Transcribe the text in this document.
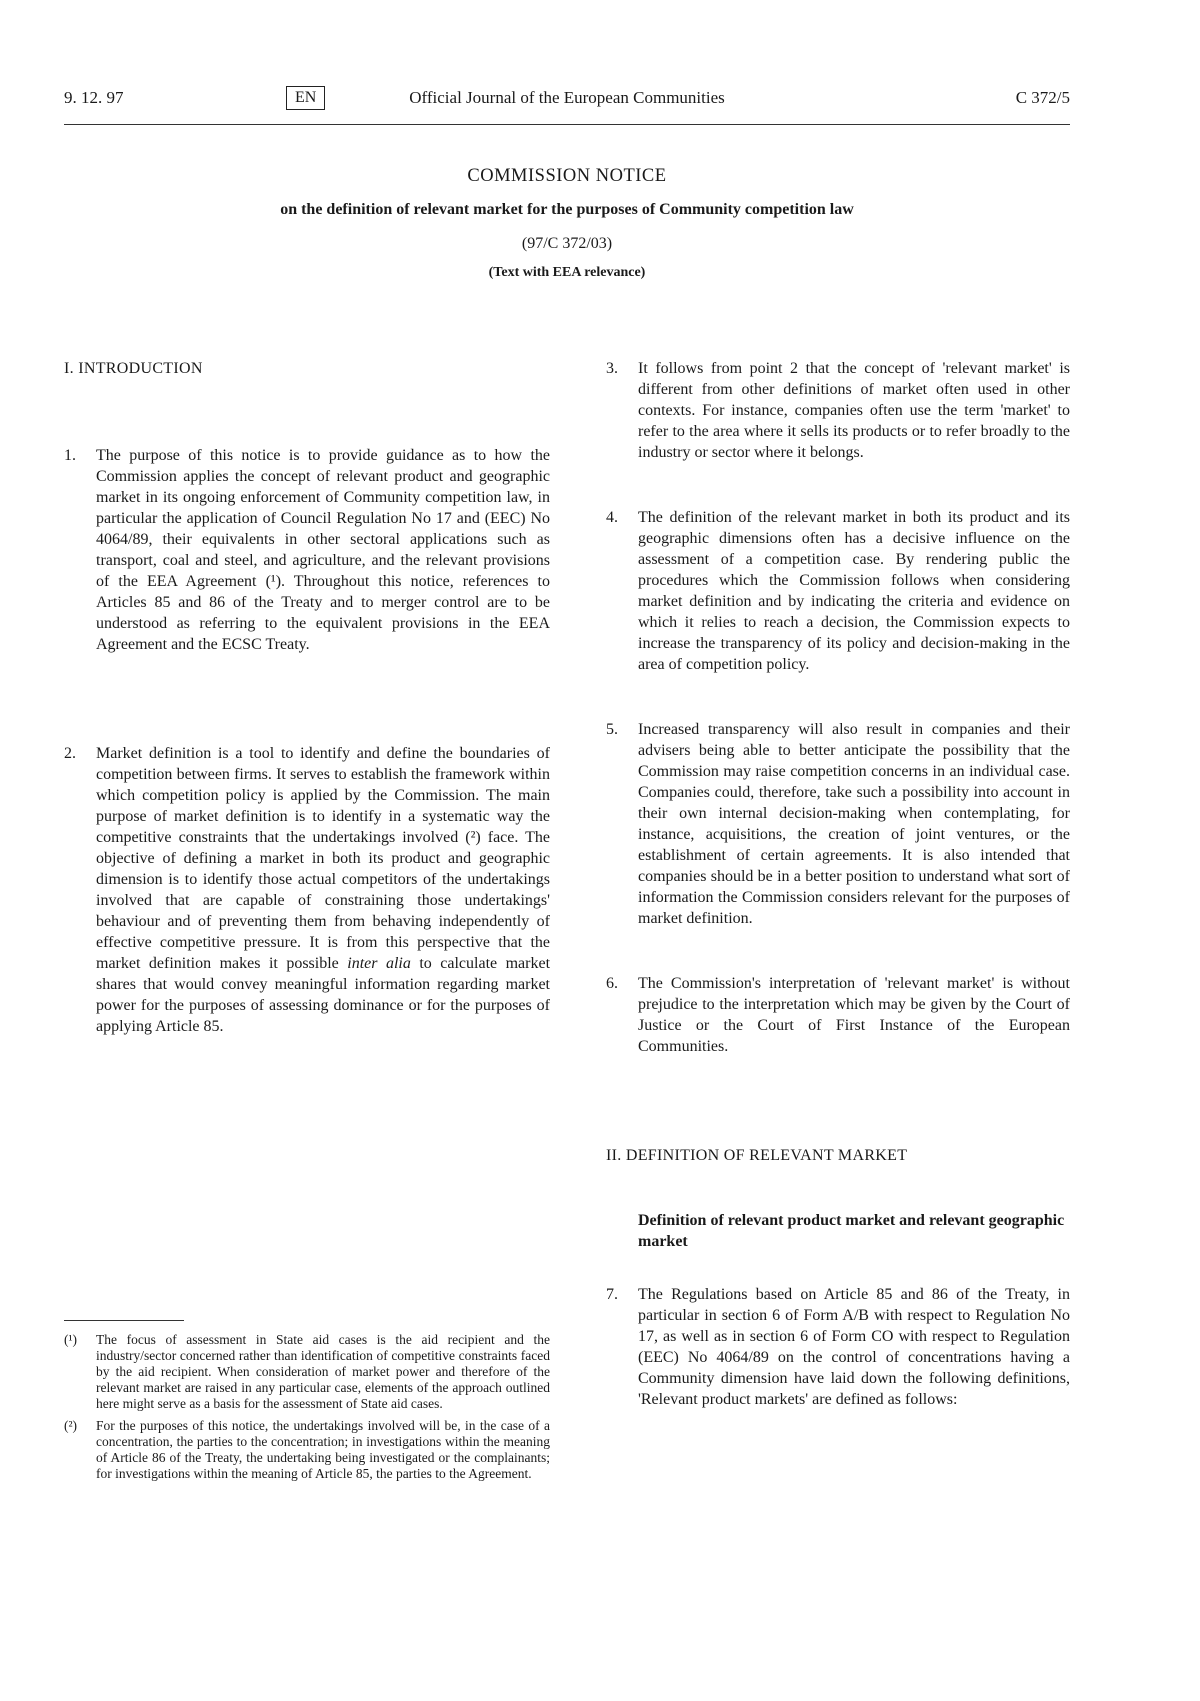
9. 12. 97	EN	Official Journal of the European Communities	C 372/5

COMMISSION NOTICE

on the definition of relevant market for the purposes of Community competition law

(97/C 372/03)

(Text with EEA relevance)

I. INTRODUCTION

1. The purpose of this notice is to provide guidance as to how the Commission applies the concept of relevant product and geographic market in its ongoing enforcement of Community competition law, in particular the application of Council Regulation No 17 and (EEC) No 4064/89, their equivalents in other sectoral applications such as transport, coal and steel, and agriculture, and the relevant provisions of the EEA Agreement (¹). Throughout this notice, references to Articles 85 and 86 of the Treaty and to merger control are to be understood as referring to the equivalent provisions in the EEA Agreement and the ECSC Treaty.

2. Market definition is a tool to identify and define the boundaries of competition between firms. It serves to establish the framework within which competition policy is applied by the Commission. The main purpose of market definition is to identify in a systematic way the competitive constraints that the undertakings involved (²) face. The objective of defining a market in both its product and geographic dimension is to identify those actual competitors of the undertakings involved that are capable of constraining those undertakings' behaviour and of preventing them from behaving independently of effective competitive pressure. It is from this perspective that the market definition makes it possible inter alia to calculate market shares that would convey meaningful information regarding market power for the purposes of assessing dominance or for the purposes of applying Article 85.

(¹) The focus of assessment in State aid cases is the aid recipient and the industry/sector concerned rather than identification of competitive constraints faced by the aid recipient. When consideration of market power and therefore of the relevant market are raised in any particular case, elements of the approach outlined here might serve as a basis for the assessment of State aid cases.

(²) For the purposes of this notice, the undertakings involved will be, in the case of a concentration, the parties to the concentration; in investigations within the meaning of Article 86 of the Treaty, the undertaking being investigated or the complainants; for investigations within the meaning of Article 85, the parties to the Agreement.

3. It follows from point 2 that the concept of 'relevant market' is different from other definitions of market often used in other contexts. For instance, companies often use the term 'market' to refer to the area where it sells its products or to refer broadly to the industry or sector where it belongs.

4. The definition of the relevant market in both its product and its geographic dimensions often has a decisive influence on the assessment of a competition case. By rendering public the procedures which the Commission follows when considering market definition and by indicating the criteria and evidence on which it relies to reach a decision, the Commission expects to increase the transparency of its policy and decision-making in the area of competition policy.

5. Increased transparency will also result in companies and their advisers being able to better anticipate the possibility that the Commission may raise competition concerns in an individual case. Companies could, therefore, take such a possibility into account in their own internal decision-making when contemplating, for instance, acquisitions, the creation of joint ventures, or the establishment of certain agreements. It is also intended that companies should be in a better position to understand what sort of information the Commission considers relevant for the purposes of market definition.

6. The Commission's interpretation of 'relevant market' is without prejudice to the interpretation which may be given by the Court of Justice or the Court of First Instance of the European Communities.

II. DEFINITION OF RELEVANT MARKET

Definition of relevant product market and relevant geographic market

7. The Regulations based on Article 85 and 86 of the Treaty, in particular in section 6 of Form A/B with respect to Regulation No 17, as well as in section 6 of Form CO with respect to Regulation (EEC) No 4064/89 on the control of concentrations having a Community dimension have laid down the following definitions, 'Relevant product markets' are defined as follows:
